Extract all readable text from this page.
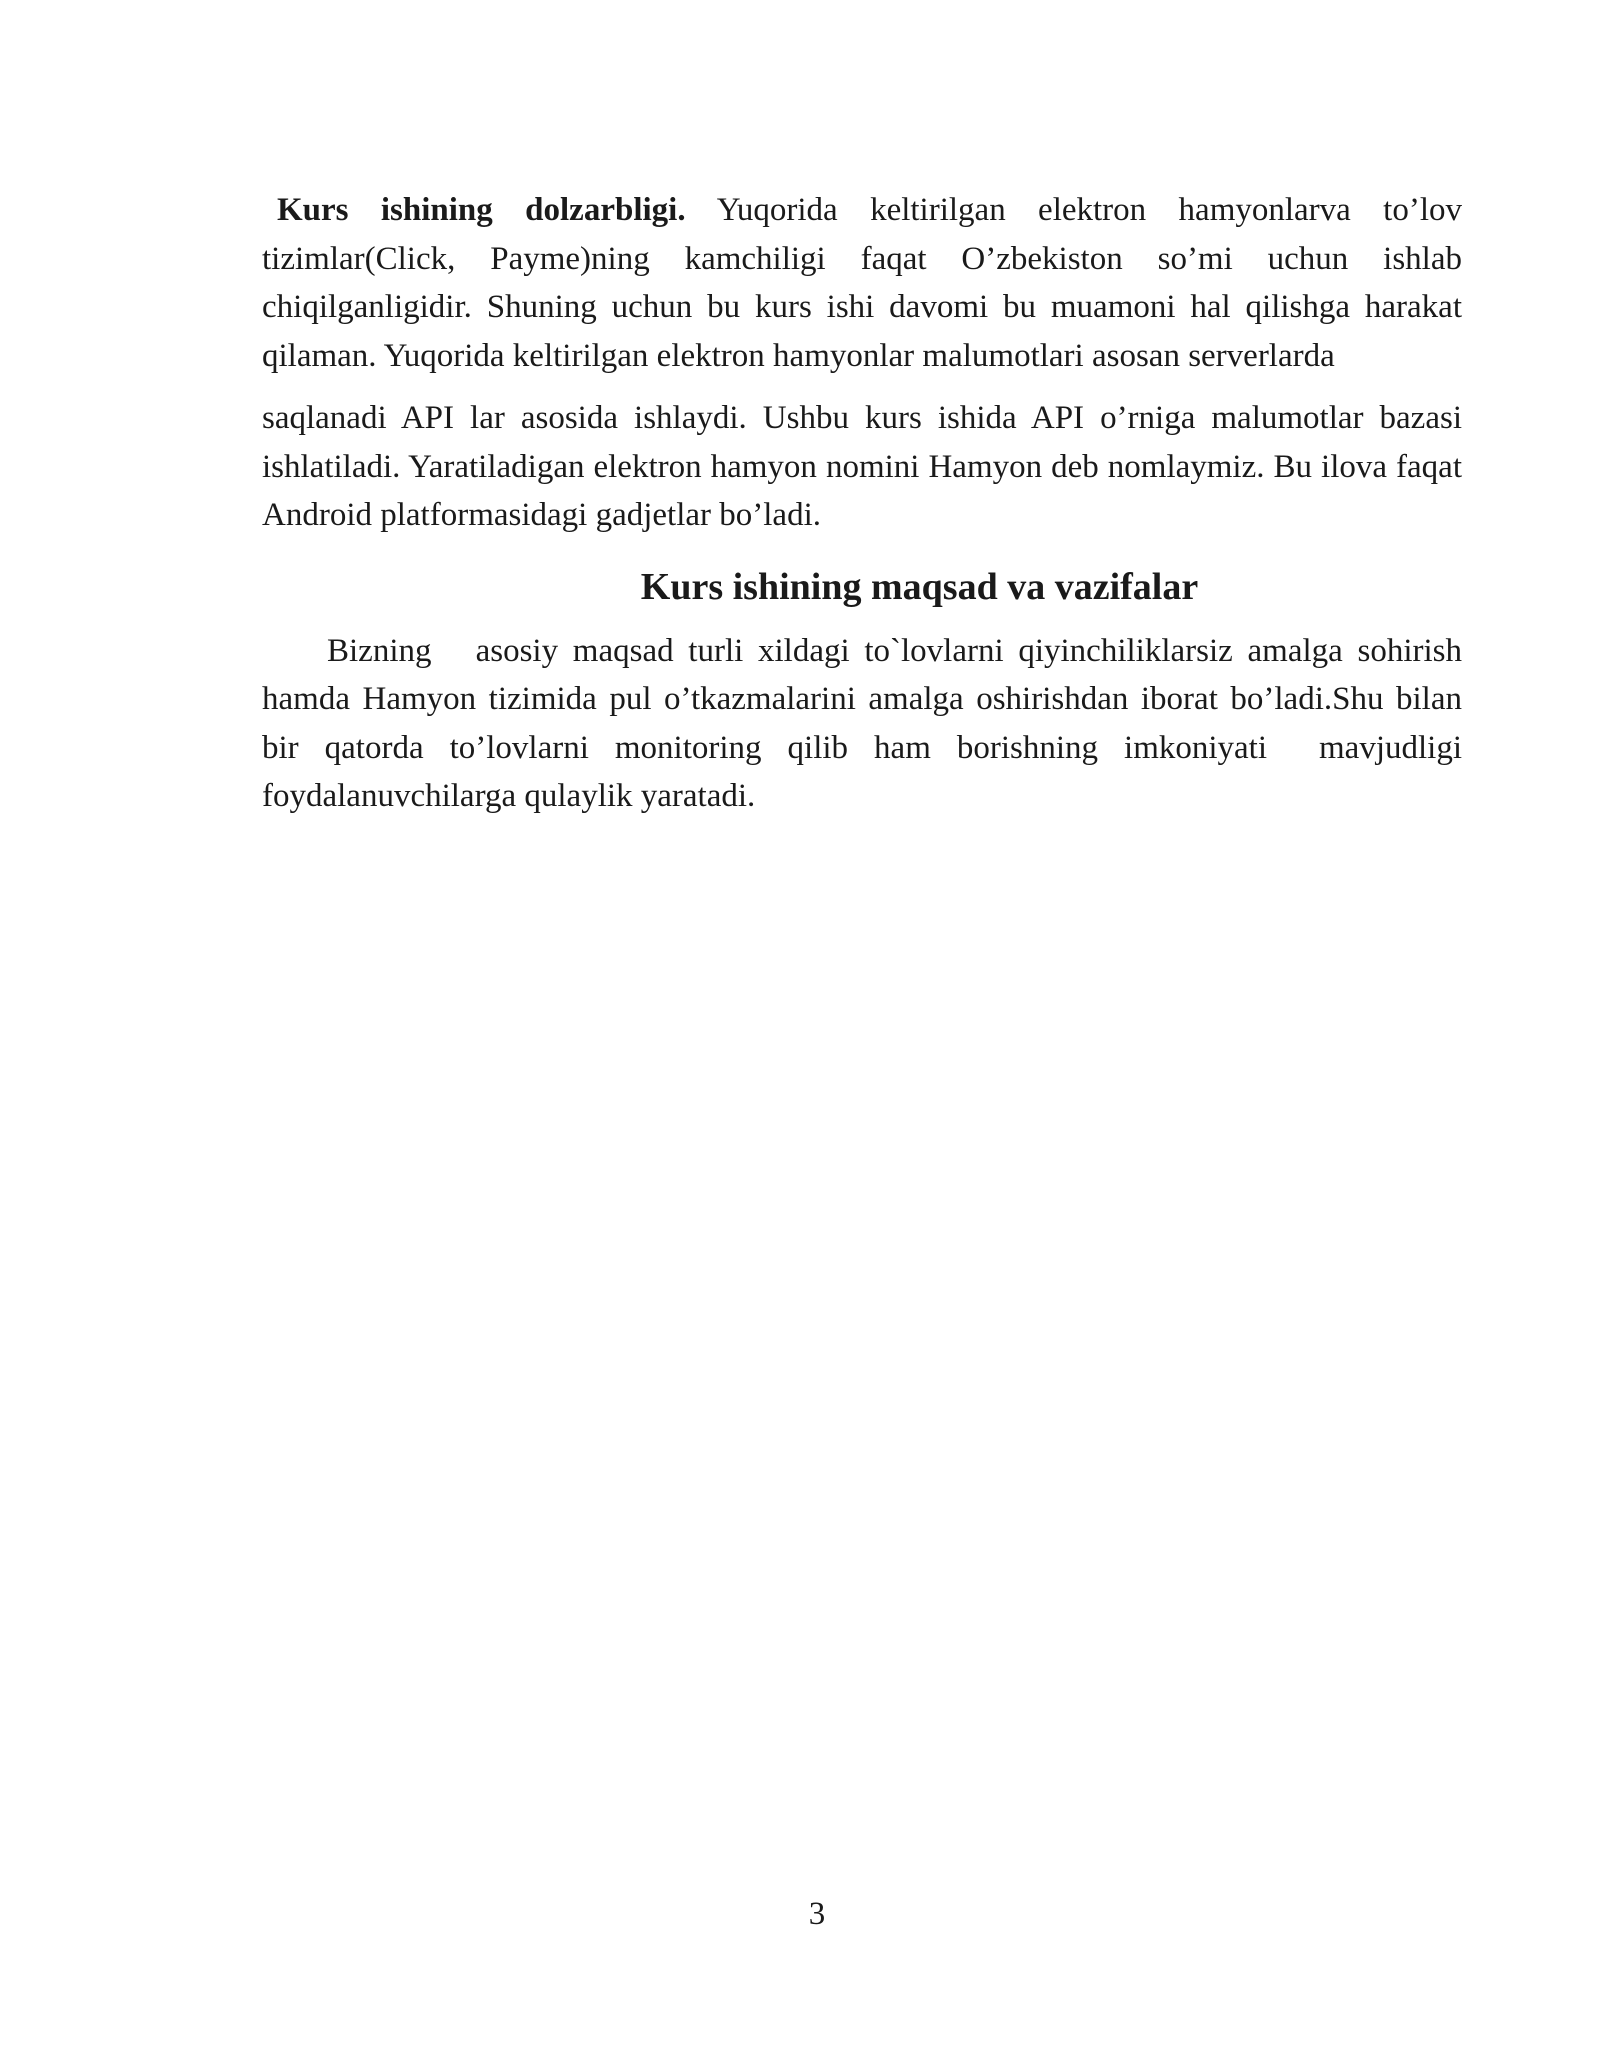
Kurs ishining dolzarbligi. Yuqorida keltirilgan elektron hamyonlarva to’lov tizimlar(Click, Payme)ning kamchiligi faqat O’zbekiston so’mi uchun ishlab chiqilganligidir. Shuning uchun bu kurs ishi davomi bu muamoni hal qilishga harakat qilaman. Yuqorida keltirilgan elektron hamyonlar malumotlari asosan serverlarda

saqlanadi API lar asosida ishlaydi. Ushbu kurs ishida API o’rniga malumotlar bazasi ishlatiladi. Yaratiladigan elektron hamyon nomini Hamyon deb nomlaymiz. Bu ilova faqat Android platformasidagi gadjetlar bo’ladi.

Kurs ishining maqsad va vazifalar

Bizning   asosiy maqsad turli xildagi to`lovlarni qiyinchiliklarsiz amalga sohirish hamda Hamyon tizimida pul o’tkazmalarini amalga oshirishdan iborat bo’ladi.Shu bilan bir qatorda to’lovlarni monitoring qilib ham borishning imkoniyati  mavjudligi foydalanuvchilarga qulaylik yaratadi.

3
